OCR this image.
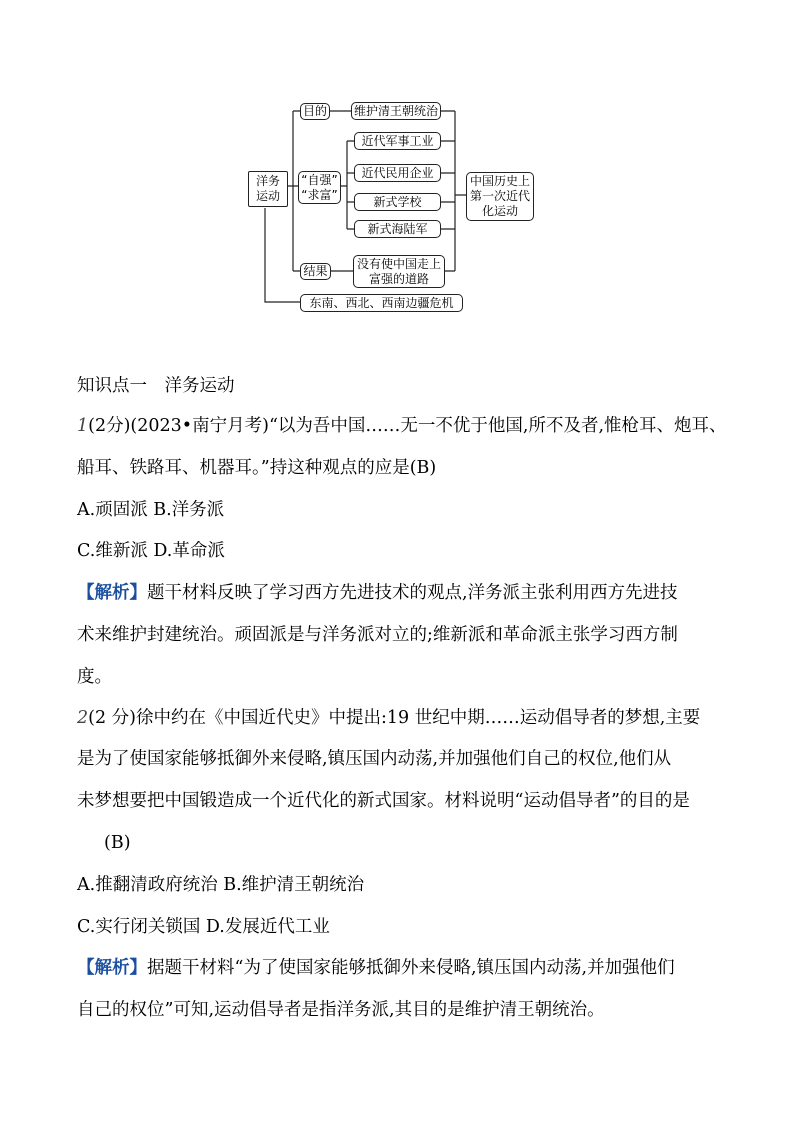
洋务
运动
目的 维护清王朝统治
“自强”
“求富”
近代军事工业
近代民用企业
新式学校
新式海陆军
结果
没有使中国走上
富强的道路
中国历史上
第一次近代
化运动
东南、西北、西南边疆危机
知识点一　洋务运动
1(2分)(2023•南宁月考)“以为吾中国……无一不优于他国,所不及者,惟枪耳、炮耳、
船耳、铁路耳、机器耳。”持这种观点的应是(B)
A.顽固派 B.洋务派
C.维新派 D.革命派
【解析】题干材料反映了学习西方先进技术的观点,洋务派主张利用西方先进技
术来维护封建统治。顽固派是与洋务派对立的;维新派和革命派主张学习西方制
度。
2(2 分)徐中约在《中国近代史》中提出:19 世纪中期……运动倡导者的梦想,主要
是为了使国家能够抵御外来侵略,镇压国内动荡,并加强他们自己的权位,他们从
未梦想要把中国锻造成一个近代化的新式国家。材料说明“运动倡导者”的目的是
(B)
A.推翻清政府统治 B.维护清王朝统治
C.实行闭关锁国 D.发展近代工业
【解析】据题干材料“为了使国家能够抵御外来侵略,镇压国内动荡,并加强他们
自己的权位”可知,运动倡导者是指洋务派,其目的是维护清王朝统治。
